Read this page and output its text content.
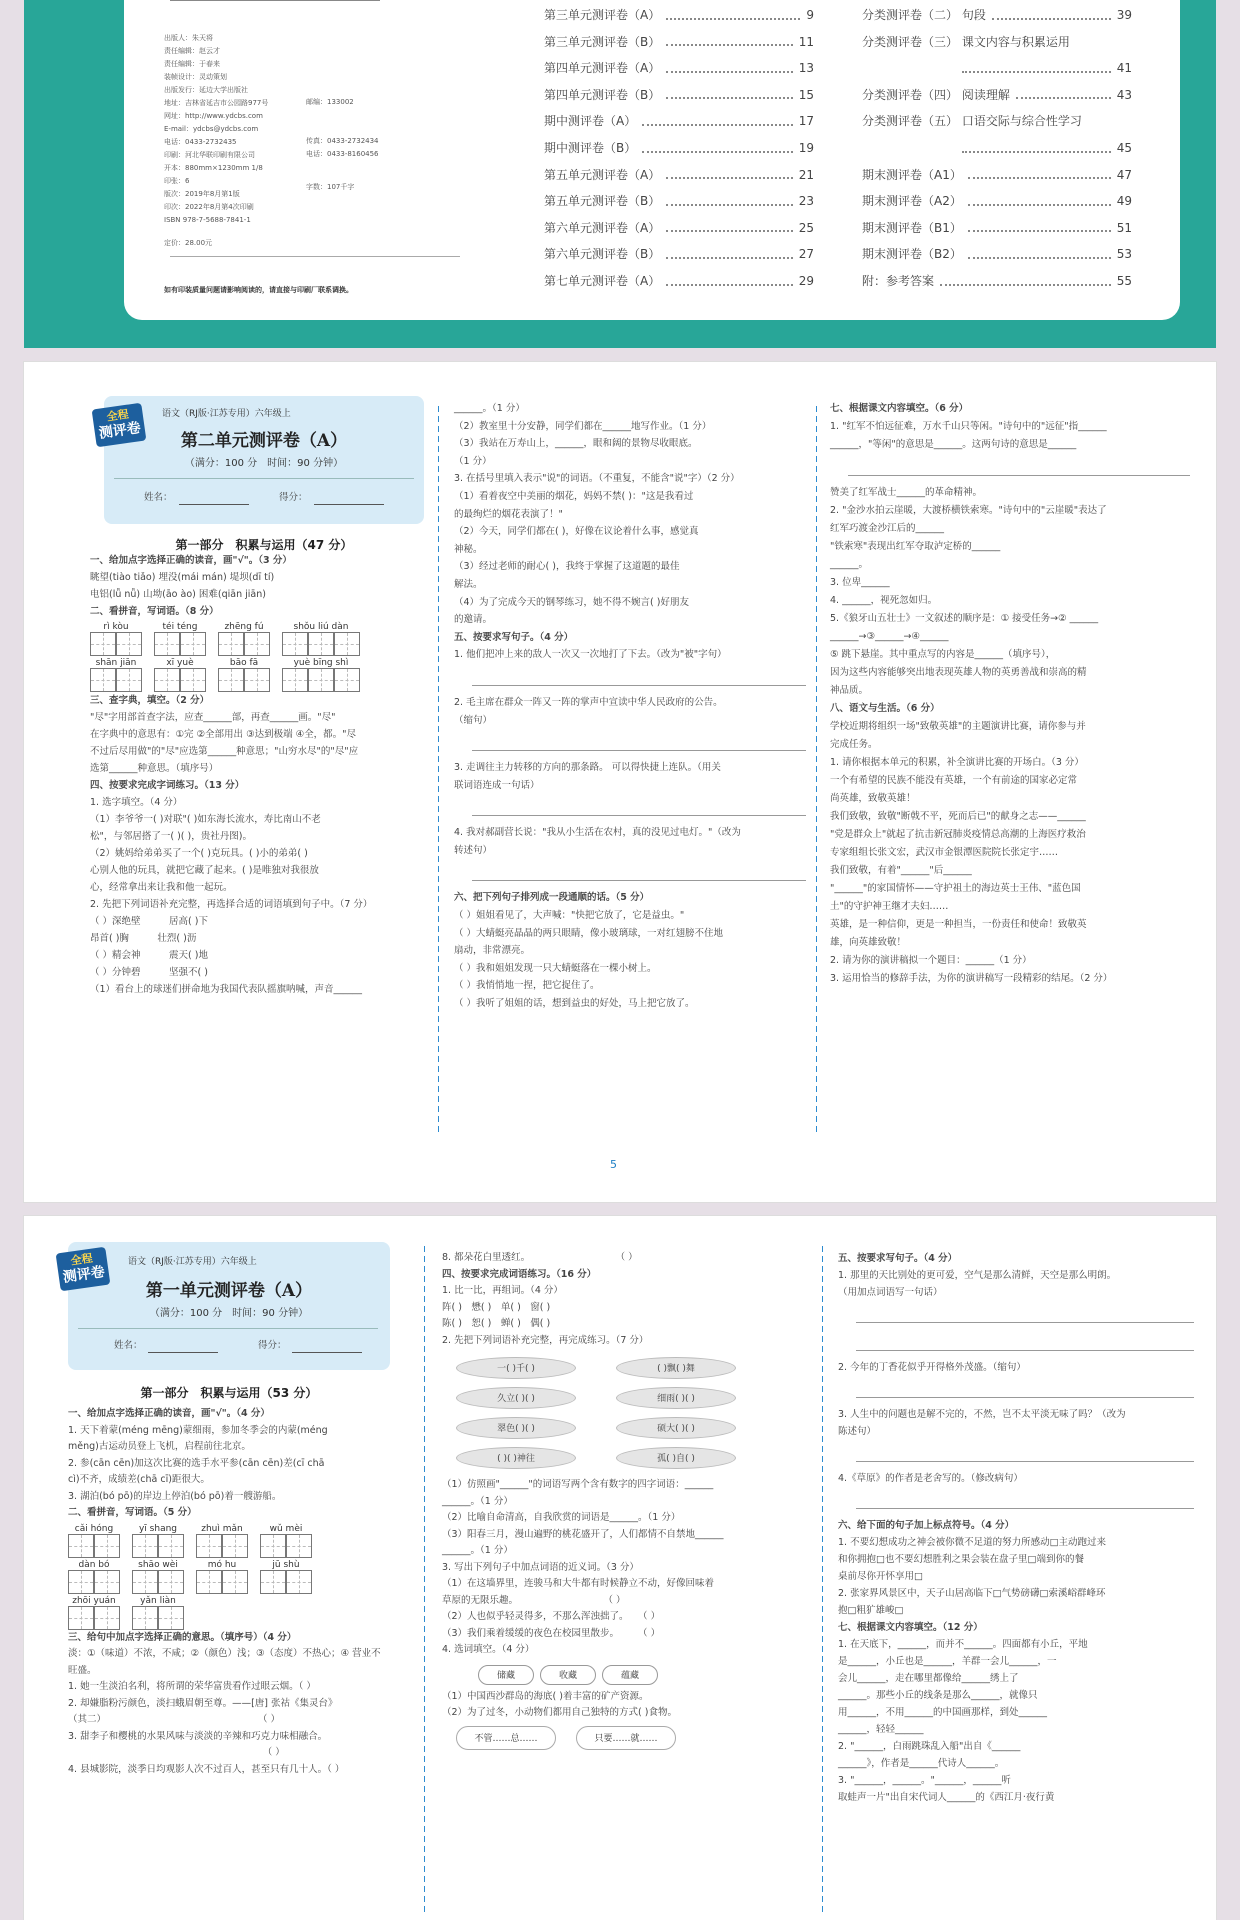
出版人：朱天将
责任编辑：赵云才
责任编辑：于春来
装帧设计：灵动策划
出版发行：延边大学出版社
地址：吉林省延吉市公园路977号
网址：http://www.ydcbs.com
E-mail：ydcbs@ydcbs.com
电话：0433-2732435
印刷：河北华联印刷有限公司
开本：880mm×1230mm 1/8
印张：6
版次：2019年8月第1版
印次：2022年8月第4次印刷
ISBN 978-7-5688-7841-1
定价：28.00元
邮编：133002
传真：0433-2732434
电话：0433-8160456
字数：107千字
如有印装质量问题请影响阅读的，请直接与印刷厂联系调换。
第三单元测评卷（A）	9
第三单元测评卷（B）	11
第四单元测评卷（A）	13
第四单元测评卷（B）	15
期中测评卷（A）	17
期中测评卷（B）	19
第五单元测评卷（A）	21
第五单元测评卷（B）	23
第六单元测评卷（A）	25
第六单元测评卷（B）	27
第七单元测评卷（A）	29
分类测评卷（二） 句段	39
分类测评卷（三） 课文内容与积累运用
41
分类测评卷（四） 阅读理解	43
分类测评卷（五） 口语交际与综合性学习
45
期末测评卷（A1）	47
期末测评卷（A2）	49
期末测评卷（B1）	51
期末测评卷（B2）	53
附：参考答案	55
全程
测评卷
语文（RJ版·江苏专用）六年级上
第二单元测评卷（A）
（满分：100 分　时间：90 分钟）
姓名：	得分：
第一部分　积累与运用（47 分）
一、给加点字选择正确的读音，画"√"。（3 分）
眺望(tiào tiǎo) 埋没(mái mán) 堤坝(dī tí)
电铝(lǚ nǚ) 山坳(āo ào) 困难(qiān jiān)
二、看拼音，写词语。（8 分）
rì kòu	téi téng	zhēng fú	shǒu liú dàn
shān jiān	xī yuè	bāo fā	yuè bīng shì
三、查字典，填空。（2 分）
"尽"字用部首查字法，应查______部，再查______画。"尽"
在字典中的意思有：①完 ②全部用出 ③达到极端 ④全，都。"尽
不过后尽用做"的"尽"应选第______种意思；"山穷水尽"的"尽"应
选第______种意思。（填序号）
四、按要求完成字词练习。（13 分）
1. 选字填空。（4 分）
（1）李爷爷一( )对联"( )如东海长流水，寿比南山不老
松"，与邻居搭了一( )( )，贵社丹图)。
（2）姚妈给弟弟买了一个( )克玩具。( )小的弟弟( )
心别人他的玩具，就把它藏了起来。( )是唯独对我很放
心，经常拿出来让我和他一起玩。
2. 先把下列词语补充完整，再选择合适的词语填到句子中。（7 分）
（ ）深绝壁　　　居高( )下
昂首( )胸　　　壮烈( )沥
（ ）精会神　　　震天( )地
（ ）分钟碧　　　坚强不( )
（1）看台上的球迷们拼命地为我国代表队摇旗呐喊，声音______
______。（1 分）
（2）教室里十分安静，同学们都在______地写作业。（1 分）
（3）我站在万寿山上，______，眼和阔的景物尽收眼底。
（1 分）
3. 在括号里填入表示"说"的词语。（不重复，不能含"说"字）（2 分）
（1）看着夜空中美丽的烟花，妈妈不禁( )："这是我看过
的最绚烂的烟花表演了！"
（2）今天，同学们都在( )，好像在议论着什么事，感觉真
神秘。
（3）经过老师的耐心( )，我终于掌握了这道题的最佳
解法。
（4）为了完成今天的钢琴练习，她不得不婉言( )好朋友
的邀请。
五、按要求写句子。（4 分）
1. 他们把冲上来的敌人一次又一次地打了下去。（改为"被"字句）
2. 毛主席在群众一阵又一阵的掌声中宣读中华人民政府的公告。
（缩句）
3. 走调往主力转移的方向的那条路。 可以得快捷上连队。（用关
联词语连成一句话）
4. 我对郝副营长说："我从小生活在农村，真的没见过电灯。"（改为
转述句）
六、把下列句子排列成一段通顺的话。（5 分）
（ ）姐姐看见了，大声喊："快把它放了，它是益虫。"
（ ）大蜻蜓亮晶晶的两只眼睛，像小玻璃球，一对红翅膀不住地
扇动，非常漂亮。
（ ）我和姐姐发现一只大蜻蜓落在一棵小树上。
（ ）我悄悄地一捏，把它捉住了。
（ ）我听了姐姐的话，想到益虫的好处，马上把它放了。
七、根据课文内容填空。（6 分）
1. "红军不怕远征难，万水千山只等闲。"诗句中的"远征"指______
______，"等闲"的意思是______。这两句诗的意思是______
赞美了红军战士______的革命精神。
2. "金沙水拍云崖暖，大渡桥横铁索寒。"诗句中的"云崖暖"表达了
红军巧渡金沙江后的______
"铁索寒"表现出红军夺取泸定桥的______
______。
3. 位卑______
4. ______，视死忽如归。
5.《狼牙山五壮士》一文叙述的顺序是：① 接受任务→② ______
______→③______→④______
⑤ 跳下悬崖。其中重点写的内容是______（填序号），
因为这些内容能够突出地表现英雄人物的英勇善战和崇高的精
神品质。
八、语文与生活。（6 分）
学校近期将组织一场"致敬英雄"的主题演讲比赛，请你参与并
完成任务。
1. 请你根据本单元的积累，补全演讲比赛的开场白。（3 分）
一个有希望的民族不能没有英雄，一个有前途的国家必定常
尚英雄，致敬英雄！
我们致敬，致敬"断戟不平，死而后已"的献身之志——______
"党是群众上"就起了抗击新冠肺炎疫情总高潮的上海医疗救治
专家组组长张文宏，武汉市金银潭医院院长张定宇……
我们致敬，有着"______"后______
"______"的家国情怀——守护祖土的海边英士王伟、"蓝色国
土"的守护神王继才夫妇……
英雄，是一种信仰，更是一种担当，一份责任和使命！致敬英
雄，向英雄致敬！
2. 请为你的演讲稿拟一个题目：______（1 分）
3. 运用恰当的修辞手法，为你的演讲稿写一段精彩的结尾。（2 分）
5
全程
测评卷
语文（RJ版·江苏专用）六年级上
第一单元测评卷（A）
（满分：100 分　时间：90 分钟）
姓名：	得分：
第一部分　积累与运用（53 分）
一、给加点字选择正确的读音，画"√"。（4 分）
1. 天下着蒙(méng mēng)蒙细雨，参加冬季会的内蒙(méng
měng)古运动员登上飞机，启程前往北京。
2. 参(cān cēn)加这次比赛的选手水平参(cān cēn)差(cī chā
cì)不齐，成绩差(chā cī)距很大。
3. 湖泊(bó pō)的岸边上停泊(bó pō)着一艘游船。
二、看拼音，写词语。（5 分）
cǎi hóng	yī shang	zhuì mǎn	wǔ mèi
dàn bó	shāo wèi	mó hu	jū shù
zhōi yuán	yǎn liàn
三、给句中加点字选择正确的意思。（填序号）（4 分）
淡：①（味道）不浓，不咸；②（颜色）浅；③（态度）不热心；④ 营业不
旺盛。
1. 她一生淡泊名利，将所谓的荣华富贵看作过眼云烟。（ ）
2. 却嫌脂粉污颜色，淡扫蛾眉朝至尊。——[唐] 张祜《集灵台》
（其二）　　　　　　　　　　　　　　　　　（ ）
3. 甜李子和樱桃的水果风味与淡淡的辛辣和巧克力味相融合。
　　　　　　　　　　　　　　　　　　　　　（ ）
4. 县城影院，淡季日均观影人次不过百人，甚至只有几十人。（ ）
8. 都朵花白里透红。　　　　　　　　　　（ ）
四、按要求完成词语练习。（16 分）
1. 比一比，再组词。（4 分）
阵( )　懋( )　单( )　窗( )
陈( )　恕( )　蝉( )　偶( )
2. 先把下列词语补充完整，再完成练习。（7 分）
一( )千( )	( )飘( )舞
久立( )( )	细雨( )( )
翠色( )( )	硕大( )( )
( )( )神往	孤( )自( )
（1）仿照画"______"的词语写两个含有数字的四字词语：______
______。（1 分）
（2）比喻自命清高，自我欣赏的词语是______。（1 分）
（3）阳春三月，漫山遍野的桃花盛开了，人们都情不自禁地______
______。（1 分）
3. 写出下列句子中加点词语的近义词。（3 分）
（1）在这墙界里，连骏马和大牛都有时候静立不动，好像回味着
草原的无限乐趣。　　　　　　　　　　（ ）
（2）人也似乎轻灵得多，不那么浑浊拙了。　　（ ）
（3）我们乘着缓缓的夜色在校园里散步。　　　（ ）
4. 选词填空。（4 分）
储藏	收藏	蕴藏
（1）中国西沙群岛的海底( )着丰富的矿产资源。
（2）为了过冬，小动物们都用自己独特的方式( )食物。
不管……总……	只要……就……
五、按要求写句子。（4 分）
1. 那里的天比别处的更可爱，空气是那么清鲜，天空是那么明朗。
（用加点词语写一句话）
2. 今年的丁香花似乎开得格外茂盛。（缩句）
3. 人生中的问题也是解不完的，不然，岂不太平淡无味了吗？（改为
陈述句）
4.《草原》的作者是老舍写的。（修改病句）
六、给下面的句子加上标点符号。（4 分）
1. 不要幻想成功之神会被你微不足道的努力所感动□主动跑过来
和你拥抱□也不要幻想胜利之果会装在盘子里□端到你的餐
桌前尽你开怀享用□
2. 张家界风景区中，天子山居高临下□气势磅礴□索溪峪群峰环
抱□粗犷雄峻□
七、根据课文内容填空。（12 分）
1. 在天底下，______，而并不______。四面都有小丘，平地
是______，小丘也是______，羊群一会儿______，一
会儿______，走在哪里都像给______绣上了
______。那些小丘的线条是那么______，就像只
用______，不用______的中国画那样，到处______
______，轻轻______
2. "______，白雨跳珠乱入船"出自《______
______》，作者是______代诗人______。
3. "______，______。"______，______听
取蛙声一片"出自宋代词人______的《西江月·夜行黄
